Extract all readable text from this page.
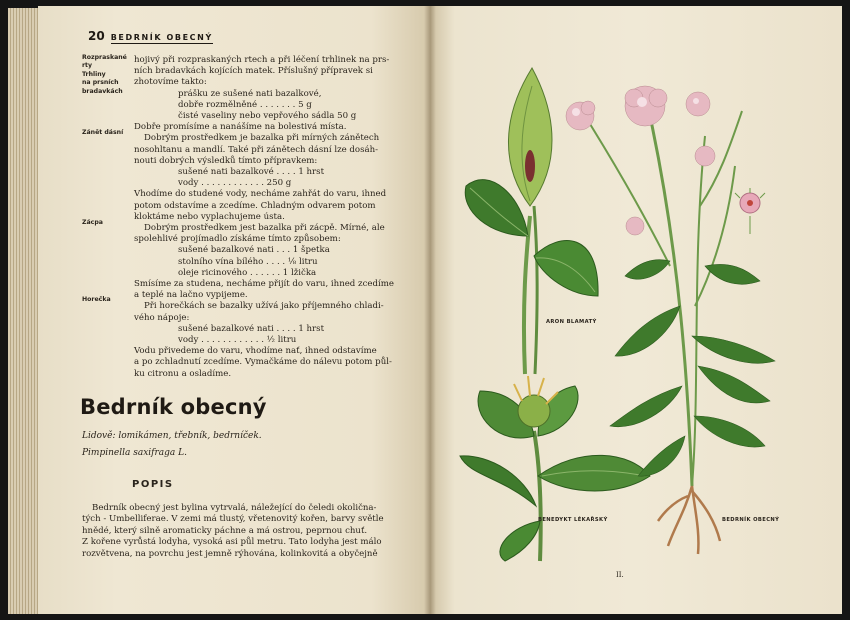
20 BEDRNÍK OBECNÝ
Rozpraskané
rty
Trhliny
na prsních
bradavkách
Zánět dásní
Zácpa
Horečka
hojivý při rozpraskaných rtech a při léčení trhlinek na prs-
ních bradavkách kojících matek. Příslušný přípravek si
zhotovíme takto:
prášku ze sušené nati bazalkové,
dobře rozmělněné . . . . . . . 5 g
čisté vaseliny nebo vepřového sádla 50 g
Dobře promísíme a nanášíme na bolestivá místa.
Dobrým prostředkem je bazalka při mírných zánětech
nosohltanu a mandlí. Také při zánětech dásní lze dosáh-
nouti dobrých výsledků tímto přípravkem:
sušené nati bazalkové . . . . 1 hrst
vody . . . . . . . . . . . . 250 g
Vhodíme do studené vody, necháme zahřát do varu, ihned
potom odstavíme a zcedíme. Chladným odvarem potom
kloktáme nebo vyplachujeme ústa.
Dobrým prostředkem jest bazalka při zácpě. Mírné, ale
spolehlivé projímadlo získáme tímto způsobem:
sušené bazalkové nati . . . 1 špetka
stolního vína bílého . . . . ⅛ litru
oleje ricinového . . . . . . 1 lžička
Smísíme za studena, necháme přijít do varu, ihned zcedíme
a teplé na lačno vypijeme.
Při horečkách se bazalky užívá jako příjemného chladi-
vého nápoje:
sušené bazalkové nati . . . . 1 hrst
vody . . . . . . . . . . . . ½ litru
Vodu přivedeme do varu, vhodíme nať, ihned odstavíme
a po zchladnutí zcedíme. Vymačkáme do nálevu potom půl-
ku citronu a osladíme.
Bedrník obecný
Lidově: lomikámen, třebník, bedrníček.
Pimpinella saxifraga L.
POPIS
Bedrník obecný jest bylina vytrvalá, náležející do čeledi okolična-
tých - Umbelliferae. V zemi má tlustý, vřetenovitý kořen, barvy světle
hnědé, který silně aromaticky páchne a má ostrou, peprnou chuť.
Z kořene vyrůstá lodyha, vysoká asi půl metru. Tato lodyha jest málo
rozvětvena, na povrchu jest jemně rýhována, kolinkovitá a obyčejně
ARON BLAMATÝ
BENEDYKT LÉKAŘSKÝ	BEDRNÍK OBECNÝ
II.
